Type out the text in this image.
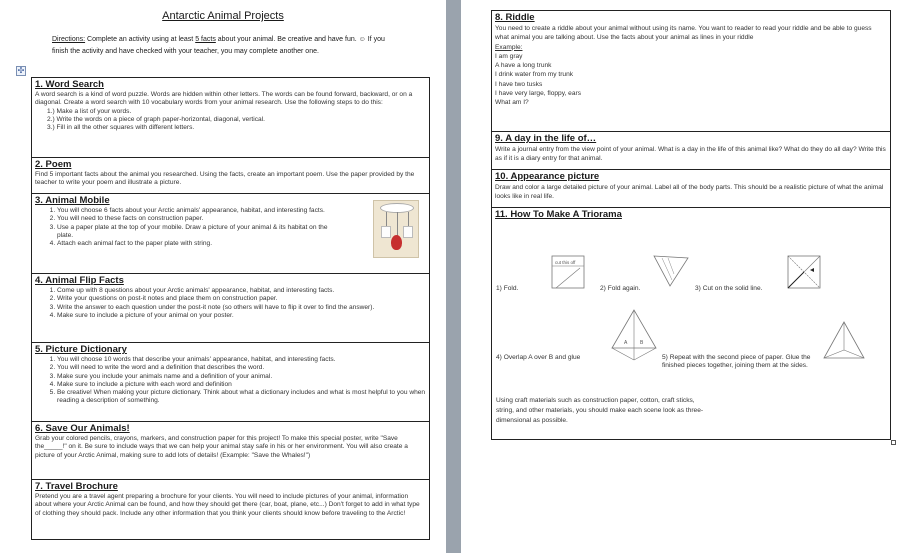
Antarctic Animal Projects
Directions: Complete an activity using at least 5 facts about your animal. Be creative and have fun. ☺ If you finish the activity and have checked with your teacher, you may complete another one.
✣
1. Word Search

A word search is a kind of word puzzle. Words are hidden within other letters. The words can be found forward, backward, or on a diagonal. Create a word search with 10 vocabulary words from your animal research. Use the following steps to do this:

1.) Make a list of your words.
2.) Write the words on a piece of graph paper-horizontal, diagonal, vertical.
3.) Fill in all the other squares with different letters.
2. Poem

Find 5 important facts about the animal you researched. Using the facts, create an important poem. Use the paper provided by the teacher to write your poem and illustrate a picture.

3. Animal Mobile
1. You will choose 6 facts about your Arctic animals' appearance, habitat, and interesting facts.
2. You will need to these facts on construction paper.
3. Use a paper plate at the top of your mobile. Draw a picture of your animal & its habitat on the plate.
4. Attach each animal fact to the paper plate with string.
4. Animal Flip Facts
1. Come up with 8 questions about your Arctic animals' appearance, habitat, and interesting facts.
2. Write your questions on post-it notes and place them on construction paper.
3. Write the answer to each question under the post-it note (so others will have to flip it over to find the answer).
4. Make sure to include a picture of your animal on your poster.
5. Picture Dictionary
1. You will choose 10 words that describe your animals' appearance, habitat, and interesting facts.
2. You will need to write the word and a definition that describes the word.
3. Make sure you include your animals name and a definition of your animal.
4. Make sure to include a picture with each word and definition
5. Be creative! When making your picture dictionary. Think about what a dictionary includes and what is most helpful to you when reading a description of something.
6. Save Our Animals!

Grab your colored pencils, crayons, markers, and construction paper for this project! To make this special poster, write "Save the_____!" on it. Be sure to include ways that we can help your animal stay safe in his or her environment. You will also create a picture of your Arctic Animal, making sure to add lots of details! (Example: "Save the Whales!")

7. Travel Brochure

Pretend you are a travel agent preparing a brochure for your clients. You will need to include pictures of your animal, information about where your Arctic Animal can be found, and how they should get there (car, boat, plane, etc...) Don't forget to add in what type of clothing they should pack. Include any other information that you think your clients should know before traveling to the Arctic!

8. Riddle

You need to create a riddle about your animal without using its name. You want to reader to read your riddle and be able to guess what animal you are talking about. Use the facts about your animal as lines in your riddle

Example:
I am gray
A have a long trunk
I drink water from my trunk
I have two tusks
I have very large, floppy, ears
What am I?
9. A day in the life of…

Write a journal entry from the view point of your animal. What is a day in the life of this animal like? What do they do all day? Write this as if it is a diary entry for that animal.

10. Appearance picture

Draw and color a large detailed picture of your animal. Label all of the body parts. This should be a realistic picture of what the animal looks like in real life.

11. How To Make A Triorama
1) Fold.
cut this off
2) Fold again.	3) Cut on the solid line.
A	B
4) Overlap A over B and glue	5) Repeat with the second piece of paper. Glue the finished pieces together, joining them at the sides.
Using craft materials such as construction paper, cotton, craft sticks, string, and other materials, you should make each scene look as three-dimensional as possible.
